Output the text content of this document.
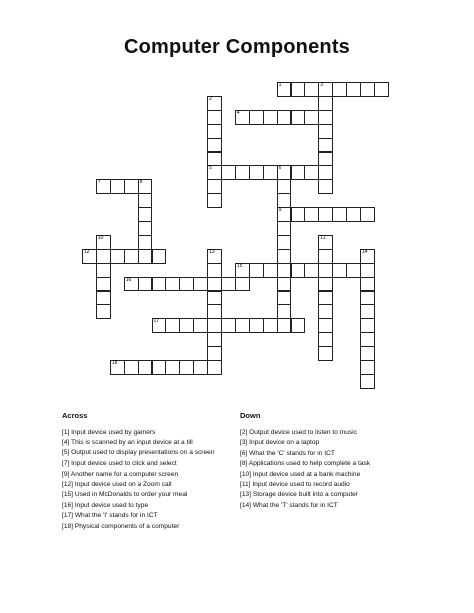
Computer Components
1	3
2
5
4
6
9
7	8
10	11
12	13	14
15
16
17
18
Across	Down
[1] Input device used by gamers
[4] This is scanned by an input device at a till
[5] Output used to display presentations on a screen
[7] Input device used to click and select
[9] Another name for a computer screen
[12] Input device used on a Zoom call
[15] Used in McDonalds to order your meal
[16] Input device used to type
[17] What the 'I' stands for in ICT
[18] Physical components of a computer
[2] Output device used to listen to music
[3] Input device on a laptop
[6] What the 'C' stands for in ICT
[8] Applications used to help complete a task
[10] Input device used at a bank machine
[11] Input device used to record audio
[13] Storage device built into a computer
[14] What the 'T' stands for in ICT
